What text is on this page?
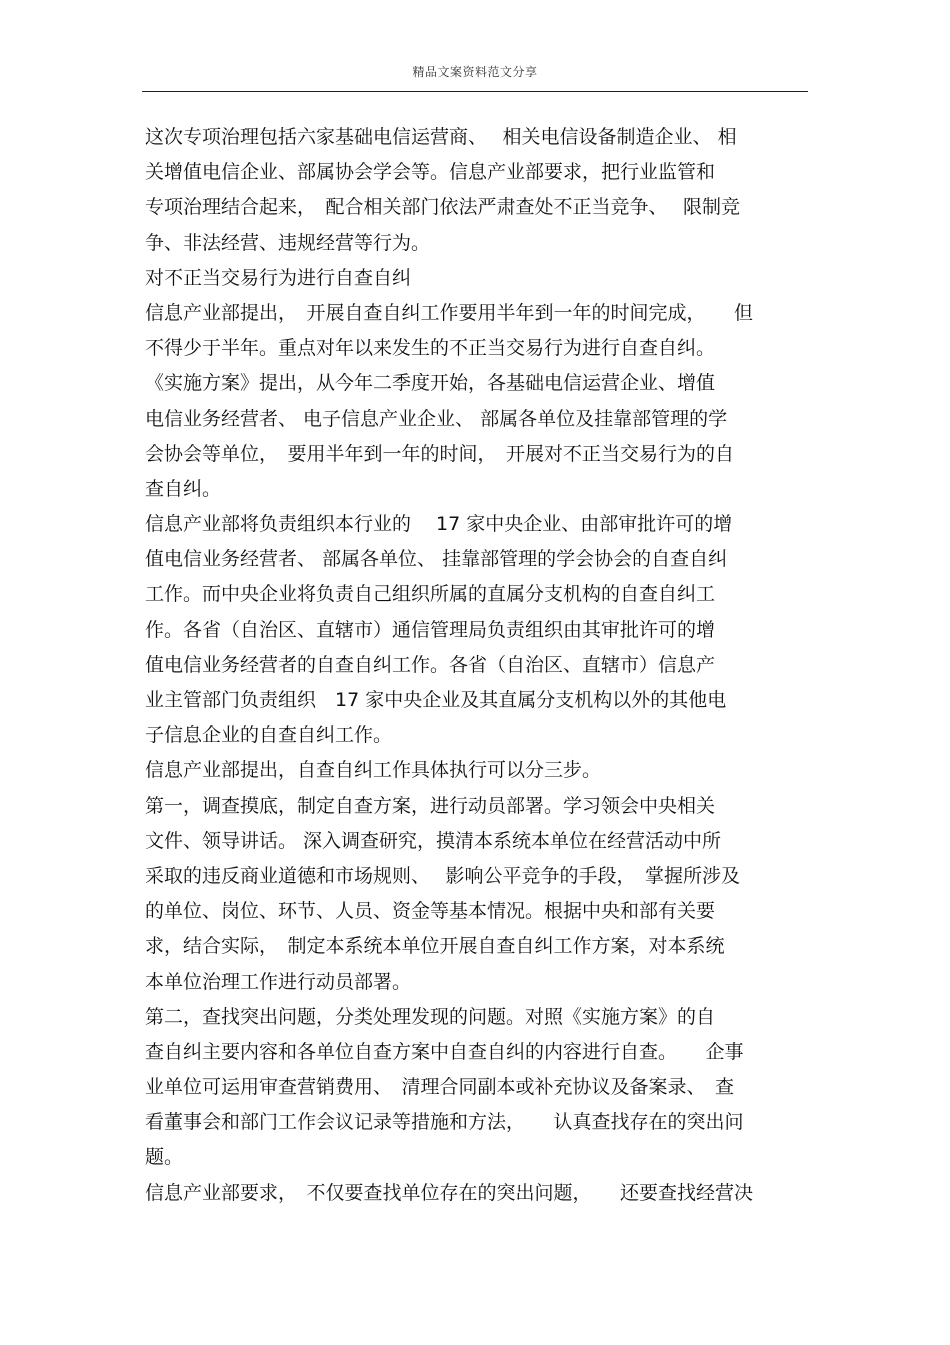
精品文案资料范文分享
这次专项治理包括六家基础电信运营商、　 相关电信设备制造企业、 相
关增值电信企业、部属协会学会等。信息产业部要求，把行业监管和
专项治理结合起来，　配合相关部门依法严肃查处不正当竞争、　 限制竞
争、非法经营、违规经营等行为。
对不正当交易行为进行自查自纠
信息产业部提出，　开展自查自纠工作要用半年到一年的时间完成，　　但
不得少于半年。重点对年以来发生的不正当交易行为进行自查自纠。
《实施方案》提出，从今年二季度开始，各基础电信运营企业、增值
电信业务经营者、 电子信息产业企业、 部属各单位及挂靠部管理的学
会协会等单位，　要用半年到一年的时间，　开展对不正当交易行为的自
查自纠。
信息产业部将负责组织本行业的　 17 家中央企业、由部审批许可的增
值电信业务经营者、 部属各单位、 挂靠部管理的学会协会的自查自纠
工作。而中央企业将负责自己组织所属的直属分支机构的自查自纠工
作。各省（自治区、直辖市）通信管理局负责组织由其审批许可的增
值电信业务经营者的自查自纠工作。各省（自治区、直辖市）信息产
业主管部门负责组织　17 家中央企业及其直属分支机构以外的其他电
子信息企业的自查自纠工作。
信息产业部提出，自查自纠工作具体执行可以分三步。
第一，调查摸底，制定自查方案，进行动员部署。学习领会中央相关
文件、领导讲话。 深入调查研究，摸清本系统本单位在经营活动中所
采取的违反商业道德和市场规则、　 影响公平竞争的手段，　掌握所涉及
的单位、岗位、环节、人员、资金等基本情况。根据中央和部有关要
求，结合实际，　制定本系统本单位开展自查自纠工作方案，对本系统
本单位治理工作进行动员部署。
第二，查找突出问题，分类处理发现的问题。对照《实施方案》的自
查自纠主要内容和各单位自查方案中自查自纠的内容进行自查。　　企事
业单位可运用审查营销费用、　清理合同副本或补充协议及备案录、　查
看董事会和部门工作会议记录等措施和方法，　　认真查找存在的突出问
题。
信息产业部要求，　不仅要查找单位存在的突出问题，　　还要查找经营决
